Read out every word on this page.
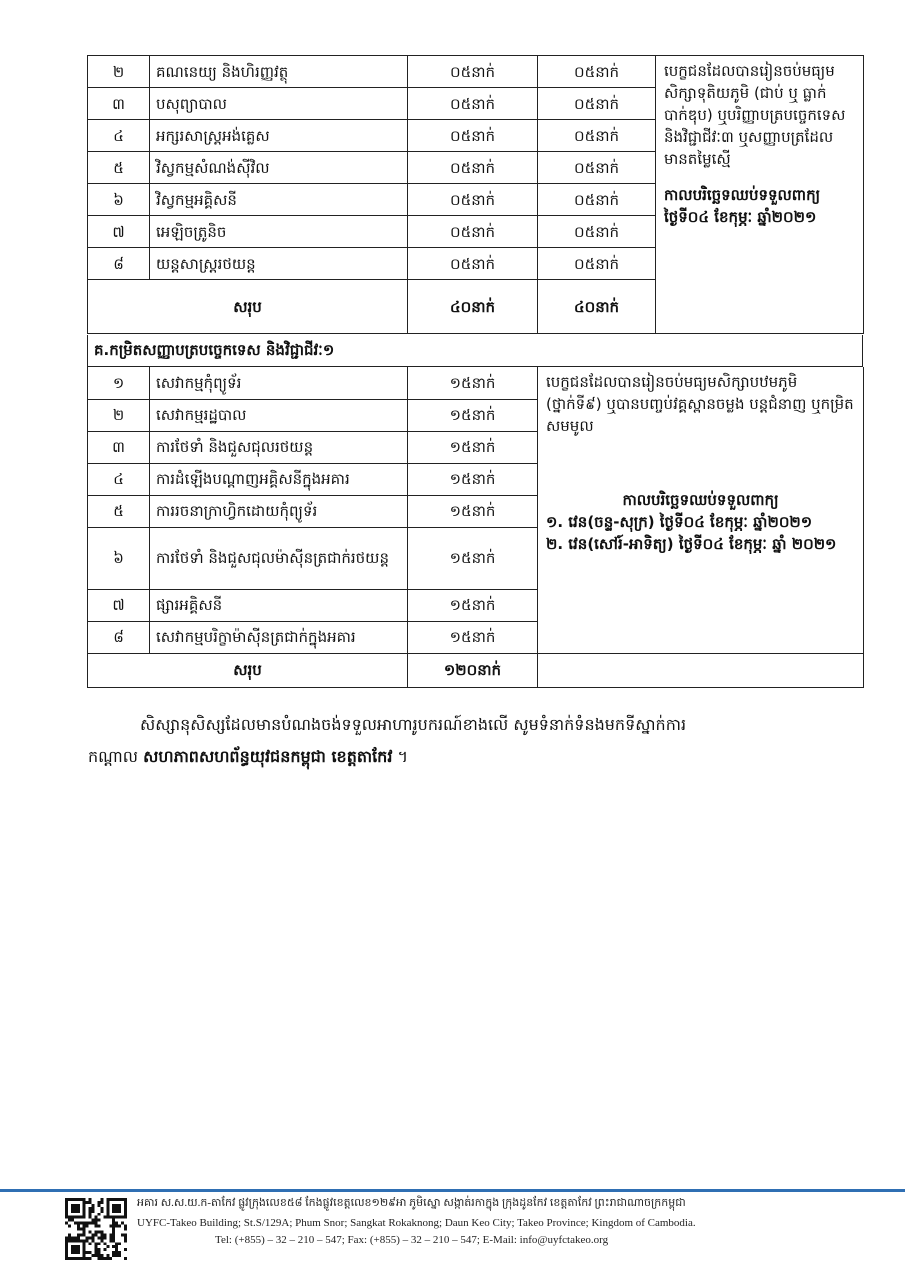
២	គណនេយ្យ និងហិរញ្ញវត្ថុ	០៥នាក់	០៥នាក់	បេក្ខជនដែលបានរៀនចប់មធ្យមសិក្សាទុតិយភូមិ (ជាប់ ឬ ធ្លាក់បាក់ឌុប) ឬបរិញ្ញាបត្របច្ចេកទេស និងវិជ្ជាជីវៈ៣ ឬសញ្ញាបត្រដែលមានតម្លៃស្មើ
កាលបរិច្ឆេទឈប់ទទួលពាក្យ ថ្ងៃទី០៤ ខែកុម្ភៈ ឆ្នាំ២០២១

៣	បសុព្យាបាល	០៥នាក់	០៥នាក់	
៤	អក្សរសាស្ត្រអង់គ្លេស	០៥នាក់	០៥នាក់	
៥	វិស្វកម្មសំណង់ស៊ីវិល	០៥នាក់	០៥នាក់	
៦	វិស្វកម្មអគ្គិសនី	០៥នាក់	០៥នាក់	
៧	អេឡិចត្រូនិច	០៥នាក់	០៥នាក់	
៨	យន្តសាស្ត្ររថយន្ត	០៥នាក់	០៥នាក់	
សរុប		៤០នាក់	៤០នាក់	
គ.កម្រិតសញ្ញាបត្របច្ចេកទេស និងវិជ្ជាជីវៈ១
១	សេវាកម្មកុំព្យូទ័រ	១៥នាក់	បេក្ខជនដែលបានរៀនចប់មធ្យមសិក្សាបឋមភូមិ (ថ្នាក់ទី៩) ឬបានបញ្ចប់វគ្គស្ពានចម្លង បន្តជំនាញ ឬកម្រិតសមមូល
កាលបរិច្ឆេទឈប់ទទួលពាក្យ
១. វេន(ចន្ទ-សុក្រ) ថ្ងៃទី០៤ ខែកុម្ភៈ ឆ្នាំ២០២១
២. វេន(សៅរ៍-អាទិត្យ) ថ្ងៃទី០៤ ខែកុម្ភៈ ឆ្នាំ ២០២១

២	សេវាកម្មរដ្ឋបាល	១៥នាក់	
៣	ការថែទាំ និងជួសជុលរថយន្ត	១៥នាក់	
៤	ការដំឡើងបណ្តាញអគ្គិសនីក្នុងអគារ	១៥នាក់	
៥	ការរចនាក្រាហ្វិកដោយកុំព្យូទ័រ	១៥នាក់	
៦	ការថែទាំ និងជួសជុលម៉ាស៊ីនត្រជាក់រថយន្ត	១៥នាក់	
៧	ផ្សារអគ្គិសនី	១៥នាក់	
៨	សេវាកម្មបរិក្ខាម៉ាស៊ីនត្រជាក់ក្នុងអគារ	១៥នាក់	
សរុប		១២០នាក់	
សិស្សានុសិស្សដែលមានបំណងចង់ទទួលអាហារូបករណ៍ខាងលើ សូមទំនាក់ទំនងមកទីស្នាក់ការ
កណ្តាល សហភាពសហព័ន្ធយុវជនកម្ពុជា ខេត្តតាកែវ ។
អគារ ស.ស.យ.ក-តាកែវ ផ្លូវក្រុងលេខ៥៨ កែងផ្លូវខេត្តលេខ១២៩អា ភូមិស្នោ សង្កាត់រកាក្នុង ក្រុងដូនកែវ ខេត្តតាកែវ ព្រះរាជាណាចក្រកម្ពុជា
UYFC-Takeo Building; St.S/129A; Phum Snor; Sangkat Rokaknong; Daun Keo City; Takeo Province; Kingdom of Cambodia.
Tel: (+855) – 32 – 210 – 547; Fax: (+855) – 32 – 210 – 547; E-Mail: info@uyfctakeo.org
